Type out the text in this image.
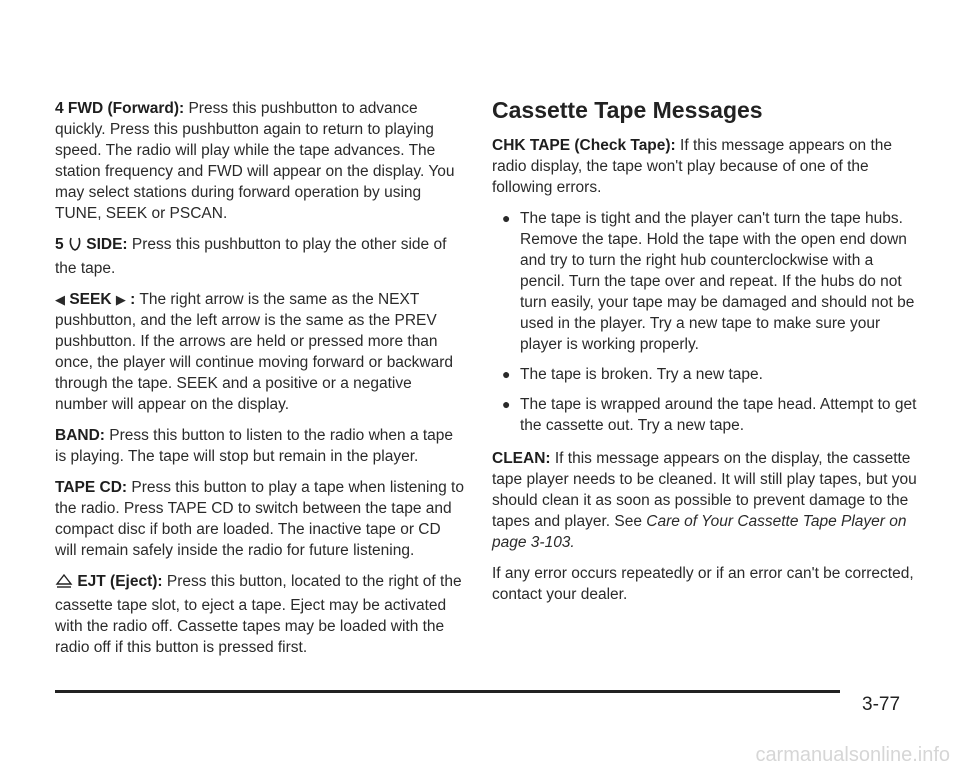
4 FWD (Forward): Press this pushbutton to advance quickly. Press this pushbutton again to return to playing speed. The radio will play while the tape advances. The station frequency and FWD will appear on the display. You may select stations during forward operation by using TUNE, SEEK or PSCAN.

5 SIDE: Press this pushbutton to play the other side of the tape.

◀ SEEK ▶ : The right arrow is the same as the NEXT pushbutton, and the left arrow is the same as the PREV pushbutton. If the arrows are held or pressed more than once, the player will continue moving forward or backward through the tape. SEEK and a positive or a negative number will appear on the display.

BAND: Press this button to listen to the radio when a tape is playing. The tape will stop but remain in the player.

TAPE CD: Press this button to play a tape when listening to the radio. Press TAPE CD to switch between the tape and compact disc if both are loaded. The inactive tape or CD will remain safely inside the radio for future listening.

EJT (Eject): Press this button, located to the right of the cassette tape slot, to eject a tape. Eject may be activated with the radio off. Cassette tapes may be loaded with the radio off if this button is pressed first.

Cassette Tape Messages

CHK TAPE (Check Tape): If this message appears on the radio display, the tape won't play because of one of the following errors.

● The tape is tight and the player can't turn the tape hubs. Remove the tape. Hold the tape with the open end down and try to turn the right hub counterclockwise with a pencil. Turn the tape over and repeat. If the hubs do not turn easily, your tape may be damaged and should not be used in the player. Try a new tape to make sure your player is working properly.
● The tape is broken. Try a new tape.
● The tape is wrapped around the tape head. Attempt to get the cassette out. Try a new tape.

CLEAN: If this message appears on the display, the cassette tape player needs to be cleaned. It will still play tapes, but you should clean it as soon as possible to prevent damage to the tapes and player. See Care of Your Cassette Tape Player on page 3-103.

If any error occurs repeatedly or if an error can't be corrected, contact your dealer.

3-77
carmanualsonline.info
